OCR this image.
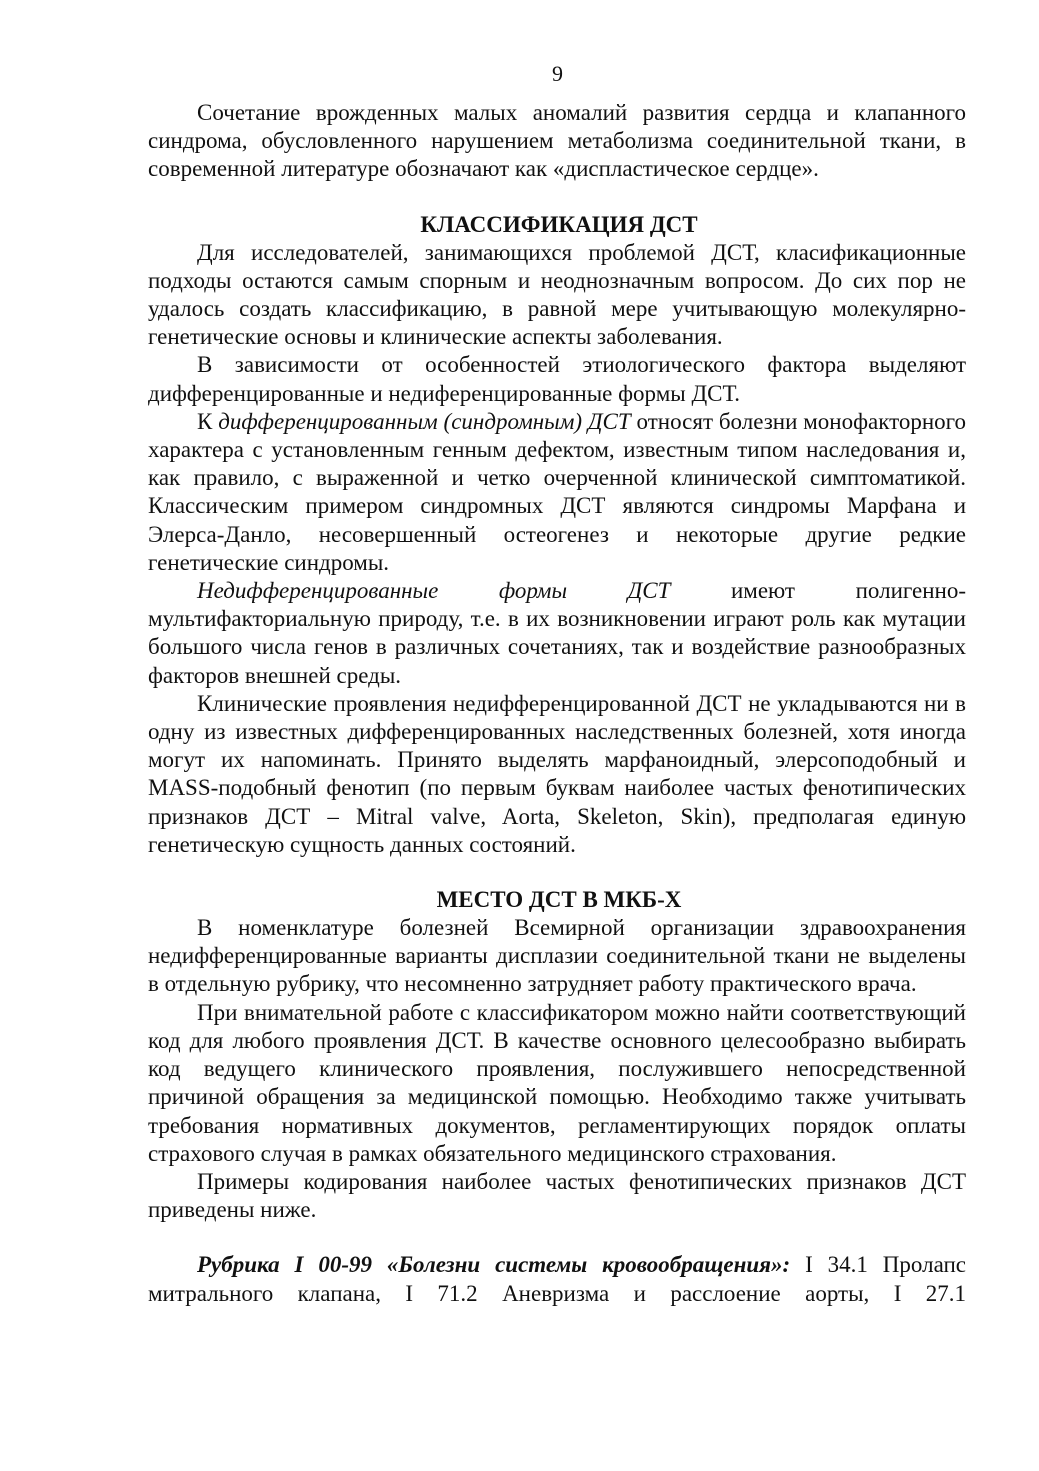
9

Сочетание врожденных малых аномалий развития сердца и клапанного синдрома, обусловленного нарушением метаболизма соединительной ткани, в современной литературе обозначают как «диспластическое сердце».

КЛАССИФИКАЦИЯ ДСТ

Для исследователей, занимающихся проблемой ДСТ, класификационные подходы остаются самым спорным и неоднозначным вопросом. До сих пор не удалось создать классификацию, в равной мере учитывающую молекулярно-генетические основы и клинические аспекты заболевания.

В зависимости от особенностей этиологического фактора выделяют дифференцированные и недиференцированные формы ДСТ.

К дифференцированным (синдромным) ДСТ относят болезни монофакторного характера с установленным генным дефектом, известным типом наследования и, как правило, с выраженной и четко очерченной клинической симптоматикой. Классическим примером синдромных ДСТ являются синдромы Марфана и Элерса-Данло, несовершенный остеогенез и некоторые другие редкие генетические синдромы.

Недифференцированные формы ДСТ имеют полигенно-мультифакториальную природу, т.е. в их возникновении играют роль как мутации большого числа генов в различных сочетаниях, так и воздействие разнообразных факторов внешней среды.

Клинические проявления недифференцированной ДСТ не укладываются ни в одну из известных дифференцированных наследственных болезней, хотя иногда могут их напоминать. Принято выделять марфаноидный, элерсоподобный и MASS-подобный фенотип (по первым буквам наиболее частых фенотипических признаков ДСТ – Mitral valve, Aorta, Skeleton, Skin), предполагая единую генетическую сущность данных состояний.

МЕСТО ДСТ В МКБ-Х

В номенклатуре болезней Всемирной организации здравоохранения недифференцированные варианты дисплазии соединительной ткани не выделены в отдельную рубрику, что несомненно затрудняет работу практического врача.

При внимательной работе с классификатором можно найти соответствующий код для любого проявления ДСТ. В качестве основного целесообразно выбирать код ведущего клинического проявления, послужившего непосредственной причиной обращения за медицинской помощью. Необходимо также учитывать требования нормативных документов, регламентирующих порядок оплаты страхового случая в рамках обязательного медицинского страхования.

Примеры кодирования наиболее частых фенотипических признаков ДСТ приведены ниже.

Рубрика I 00-99 «Болезни системы кровообращения»: I 34.1 Пролапс митрального клапана, I 71.2 Аневризма и расслоение аорты, I 27.1
